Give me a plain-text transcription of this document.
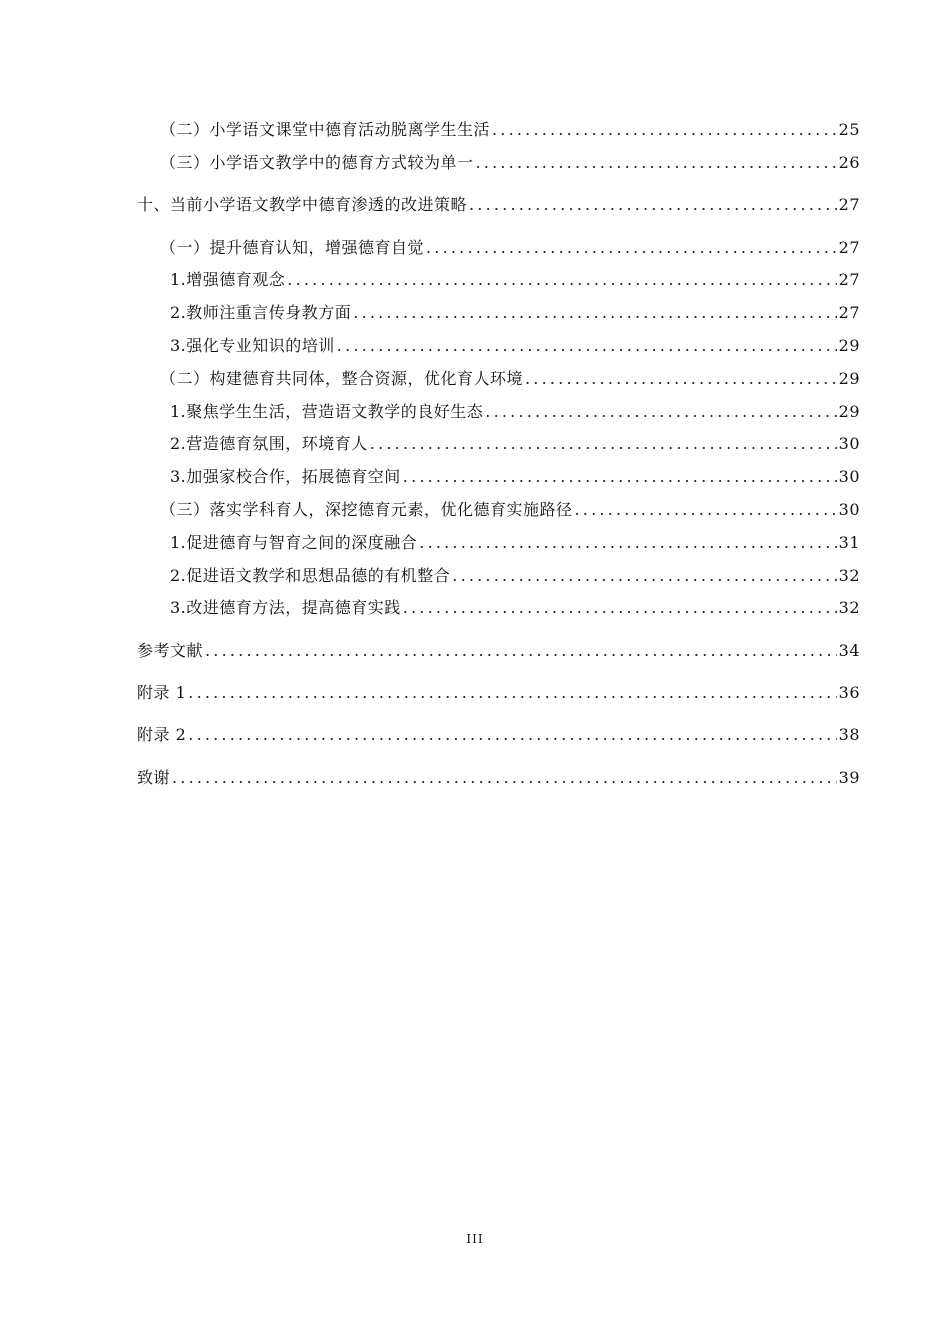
（二）小学语文课堂中德育活动脱离学生生活 .....	25
（三）小学语文教学中的德育方式较为单一 .....	26
十、当前小学语文教学中德育渗透的改进策略 .....	27
（一）提升德育认知，增强德育自觉 .....	27
1.增强德育观念 .....	27
2.教师注重言传身教方面 .....	27
3.强化专业知识的培训 .....	29
（二）构建德育共同体，整合资源，优化育人环境 .....	29
1.聚焦学生生活，营造语文教学的良好生态 .....	29
2.营造德育氛围，环境育人 .....	30
3.加强家校合作，拓展德育空间 .....	30
（三）落实学科育人，深挖德育元素，优化德育实施路径 .....	30
1.促进德育与智育之间的深度融合 .....	31
2.促进语文教学和思想品德的有机整合 .....	32
3.改进德育方法，提高德育实践 .....	32
参考文献 .....	34
附录 1 .....	36
附录 2 .....	38
致谢 .....	39
III
